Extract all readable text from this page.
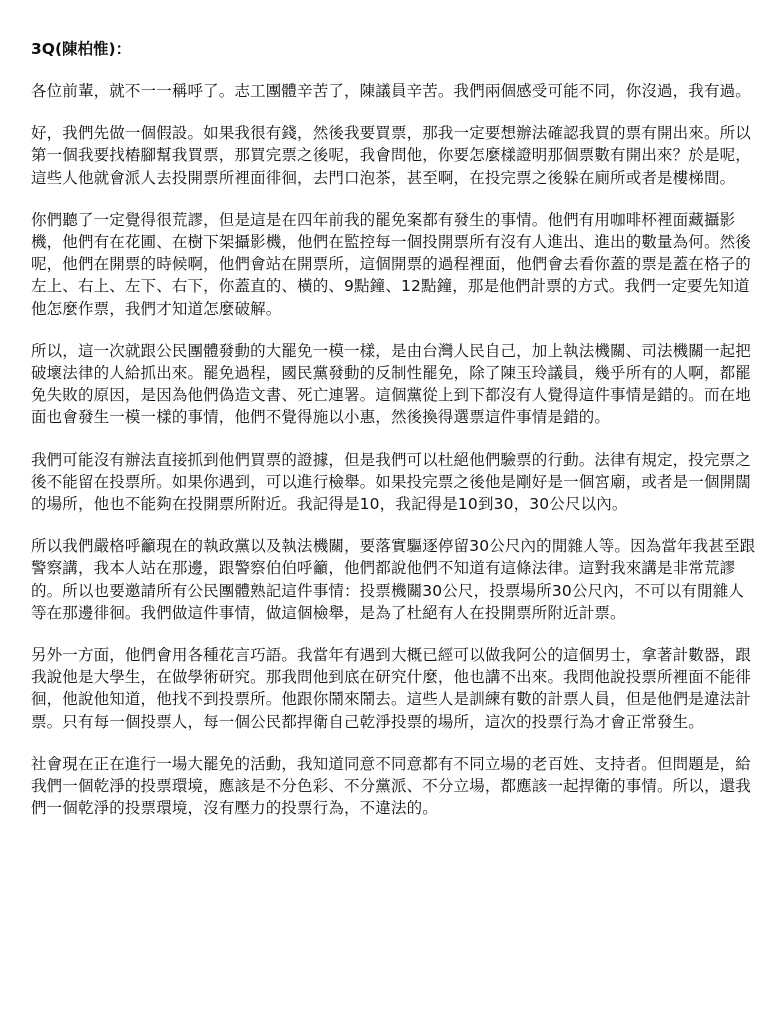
3Q(陳柏惟)：

各位前輩，就不一一稱呼了。志工團體辛苦了，陳議員辛苦。我們兩個感受可能不同，你沒過，我有過。

好，我們先做一個假設。如果我很有錢，然後我要買票，那我一定要想辦法確認我買的票有開出來。所以第一個我要找樁腳幫我買票，那買完票之後呢，我會問他，你要怎麼樣證明那個票數有開出來？於是呢，這些人他就會派人去投開票所裡面徘徊，去門口泡茶，甚至啊，在投完票之後躲在廁所或者是樓梯間。

你們聽了一定覺得很荒謬，但是這是在四年前我的罷免案都有發生的事情。他們有用咖啡杯裡面藏攝影機，他們有在花圃、在樹下架攝影機，他們在監控每一個投開票所有沒有人進出、進出的數量為何。然後呢，他們在開票的時候啊，他們會站在開票所，這個開票的過程裡面，他們會去看你蓋的票是蓋在格子的左上、右上、左下、右下，你蓋直的、橫的、9點鐘、12點鐘，那是他們計票的方式。我們一定要先知道他怎麼作票，我們才知道怎麼破解。

所以，這一次就跟公民團體發動的大罷免一模一樣，是由台灣人民自己，加上執法機關、司法機關一起把破壞法律的人給抓出來。罷免過程，國民黨發動的反制性罷免，除了陳玉玲議員，幾乎所有的人啊，都罷免失敗的原因，是因為他們偽造文書、死亡連署。這個黨從上到下都沒有人覺得這件事情是錯的。而在地面也會發生一模一樣的事情，他們不覺得施以小惠，然後換得選票這件事情是錯的。

我們可能沒有辦法直接抓到他們買票的證據，但是我們可以杜絕他們驗票的行動。法律有規定，投完票之後不能留在投票所。如果你遇到，可以進行檢舉。如果投完票之後他是剛好是一個宮廟，或者是一個開闊的場所，他也不能夠在投開票所附近。我記得是10，我記得是10到30，30公尺以內。

所以我們嚴格呼籲現在的執政黨以及執法機關，要落實驅逐停留30公尺內的閒雜人等。因為當年我甚至跟警察講，我本人站在那邊，跟警察伯伯呼籲，他們都說他們不知道有這條法律。這對我來講是非常荒謬的。所以也要邀請所有公民團體熟記這件事情：投票機關30公尺，投票場所30公尺內，不可以有閒雜人等在那邊徘徊。我們做這件事情，做這個檢舉，是為了杜絕有人在投開票所附近計票。

另外一方面，他們會用各種花言巧語。我當年有遇到大概已經可以做我阿公的這個男士，拿著計數器，跟我說他是大學生，在做學術研究。那我問他到底在研究什麼，他也講不出來。我問他說投票所裡面不能徘徊，他說他知道，他找不到投票所。他跟你鬧來鬧去。這些人是訓練有數的計票人員，但是他們是違法計票。只有每一個投票人，每一個公民都捍衛自己乾淨投票的場所，這次的投票行為才會正常發生。

社會現在正在進行一場大罷免的活動，我知道同意不同意都有不同立場的老百姓、支持者。但問題是，給我們一個乾淨的投票環境，應該是不分色彩、不分黨派、不分立場，都應該一起捍衛的事情。所以，還我們一個乾淨的投票環境，沒有壓力的投票行為，不違法的。
